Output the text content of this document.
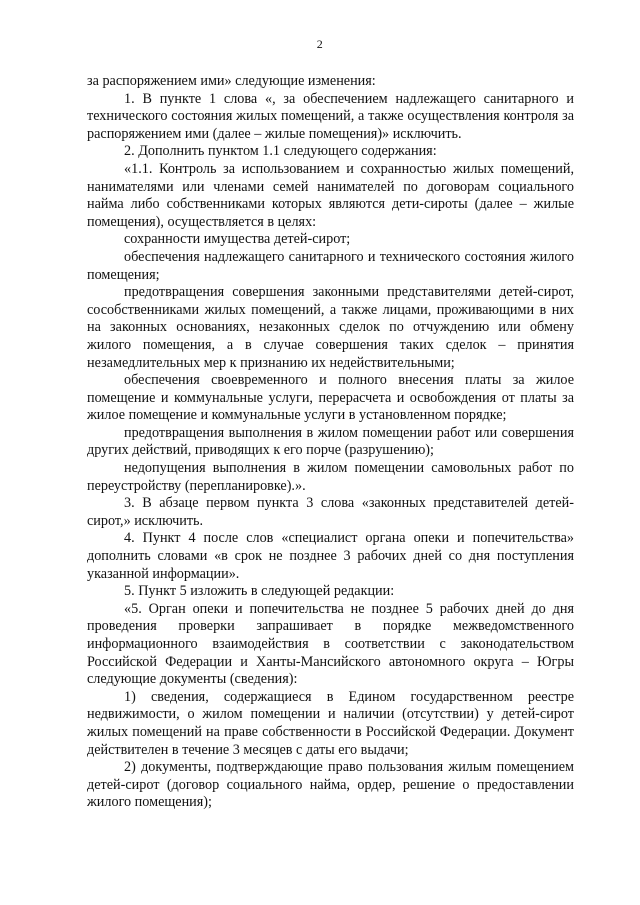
2

за распоряжением ими» следующие изменения:

1. В пункте 1 слова «, за обеспечением надлежащего санитарного и технического состояния жилых помещений, а также осуществления контроля за распоряжением ими (далее – жилые помещения)» исключить.

2. Дополнить пунктом 1.1 следующего содержания:

«1.1. Контроль за использованием и сохранностью жилых помещений, нанимателями или членами семей нанимателей по договорам социального найма либо собственниками которых являются дети-сироты (далее – жилые помещения), осуществляется в целях:

сохранности имущества детей-сирот;

обеспечения надлежащего санитарного и технического состояния жилого помещения;

предотвращения совершения законными представителями детей-сирот, сособственниками жилых помещений, а также лицами, проживающими в них на законных основаниях, незаконных сделок по отчуждению или обмену жилого помещения, а в случае совершения таких сделок – принятия незамедлительных мер к признанию их недействительными;

обеспечения своевременного и полного внесения платы за жилое помещение и коммунальные услуги, перерасчета и освобождения от платы за жилое помещение и коммунальные услуги в установленном порядке;

предотвращения выполнения в жилом помещении работ или совершения других действий, приводящих к его порче (разрушению);

недопущения выполнения в жилом помещении самовольных работ по переустройству (перепланировке).».

3. В абзаце первом пункта 3 слова «законных представителей детей-сирот,» исключить.

4. Пункт 4 после слов «специалист органа опеки и попечительства» дополнить словами «в срок не позднее 3 рабочих дней со дня поступления указанной информации».

5. Пункт 5 изложить в следующей редакции:

«5. Орган опеки и попечительства не позднее 5 рабочих дней до дня проведения проверки запрашивает в порядке межведомственного информационного взаимодействия в соответствии с законодательством Российской Федерации и Ханты-Мансийского автономного округа – Югры следующие документы (сведения):

1) сведения, содержащиеся в Едином государственном реестре недвижимости, о жилом помещении и наличии (отсутствии) у детей-сирот жилых помещений на праве собственности в Российской Федерации. Документ действителен в течение 3 месяцев с даты его выдачи;

2) документы, подтверждающие право пользования жилым помещением детей-сирот (договор социального найма, ордер, решение о предоставлении жилого помещения);
